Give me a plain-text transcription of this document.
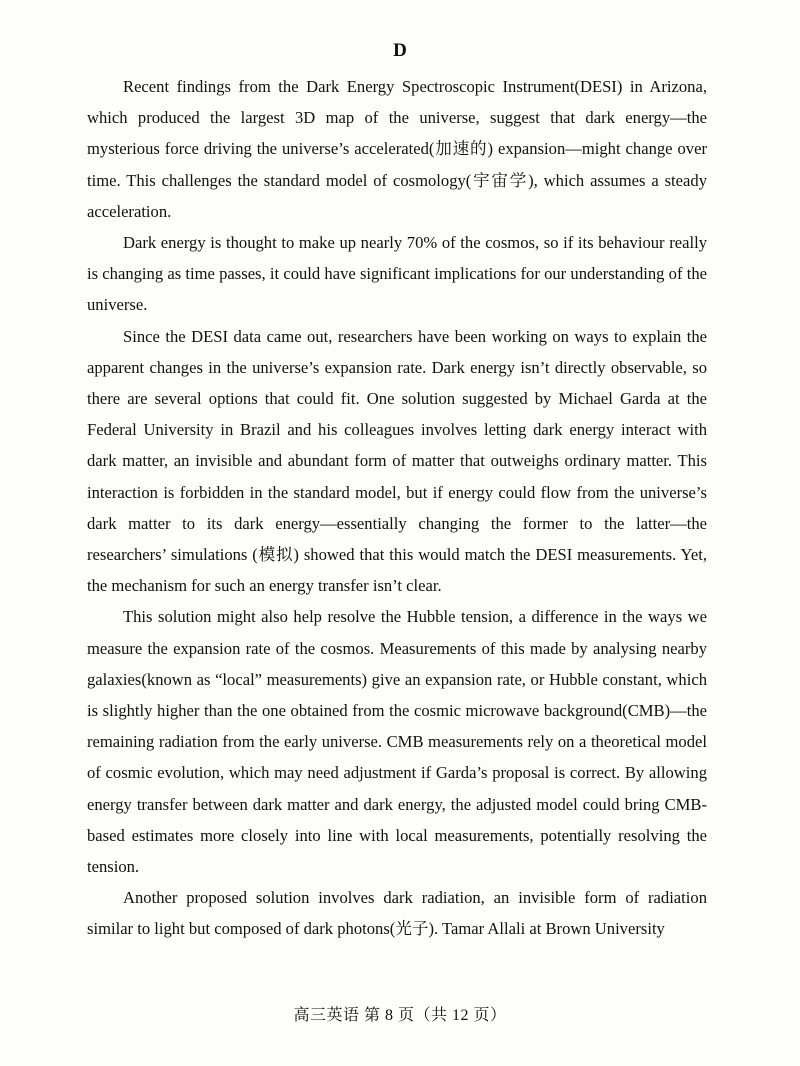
D

Recent findings from the Dark Energy Spectroscopic Instrument(DESI) in Arizona, which produced the largest 3D map of the universe, suggest that dark energy—the mysterious force driving the universe’s accelerated(加速的) expansion—might change over time. This challenges the standard model of cosmology(宇宙学), which assumes a steady acceleration.

Dark energy is thought to make up nearly 70% of the cosmos, so if its behaviour really is changing as time passes, it could have significant implications for our understanding of the universe.

Since the DESI data came out, researchers have been working on ways to explain the apparent changes in the universe’s expansion rate. Dark energy isn’t directly observable, so there are several options that could fit. One solution suggested by Michael Garda at the Federal University in Brazil and his colleagues involves letting dark energy interact with dark matter, an invisible and abundant form of matter that outweighs ordinary matter. This interaction is forbidden in the standard model, but if energy could flow from the universe’s dark matter to its dark energy—essentially changing the former to the latter—the researchers’ simulations (模拟) showed that this would match the DESI measurements. Yet, the mechanism for such an energy transfer isn’t clear.

This solution might also help resolve the Hubble tension, a difference in the ways we measure the expansion rate of the cosmos. Measurements of this made by analysing nearby galaxies(known as “local” measurements) give an expansion rate, or Hubble constant, which is slightly higher than the one obtained from the cosmic microwave background(CMB)—the remaining radiation from the early universe. CMB measurements rely on a theoretical model of cosmic evolution, which may need adjustment if Garda’s proposal is correct. By allowing energy transfer between dark matter and dark energy, the adjusted model could bring CMB-based estimates more closely into line with local measurements, potentially resolving the tension.

Another proposed solution involves dark radiation, an invisible form of radiation similar to light but composed of dark photons(光子). Tamar Allali at Brown University

高三英语 第 8 页（共 12 页）
